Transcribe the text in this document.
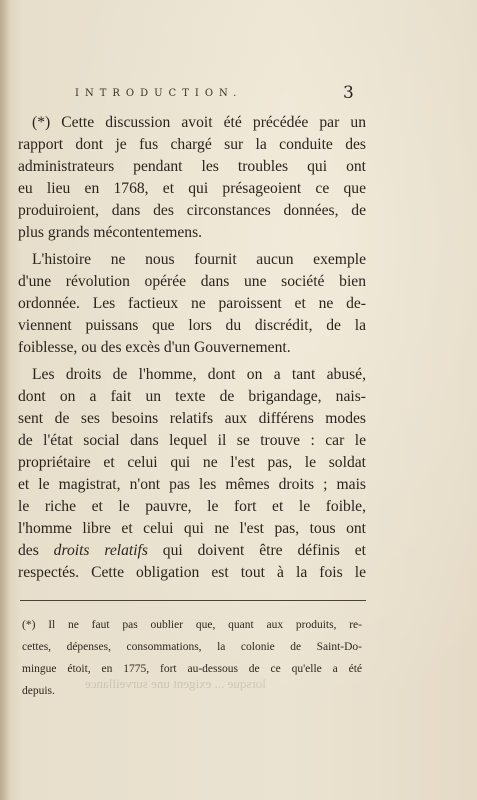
INTRODUCTION.	3
(*) Cette discussion avoit été précédée par un
rapport dont je fus chargé sur la conduite des
administrateurs pendant les troubles qui ont
eu lieu en 1768, et qui présageoient ce que
produiroient, dans des circonstances données, de
plus grands mécontentemens.
L'histoire ne nous fournit aucun exemple
d'une révolution opérée dans une société bien
ordonnée. Les factieux ne paroissent et ne de-
viennent puissans que lors du discrédit, de la
foiblesse, ou des excès d'un Gouvernement.
Les droits de l'homme, dont on a tant abusé,
dont on a fait un texte de brigandage, nais-
sent de ses besoins relatifs aux différens modes
de l'état social dans lequel il se trouve : car le
propriétaire et celui qui ne l'est pas, le soldat
et le magistrat, n'ont pas les mêmes droits ; mais
le riche et le pauvre, le fort et le foible,
l'homme libre et celui qui ne l'est pas, tous ont
des droits relatifs qui doivent être définis et
respectés. Cette obligation est tout à la fois le
(*) Il ne faut pas oublier que, quant aux produits, re-
cettes, dépenses, consommations, la colonie de Saint-Do-
mingue étoit, en 1775, fort au-dessous de ce qu'elle a été
depuis.	lorsque ... exigent une surveillance
